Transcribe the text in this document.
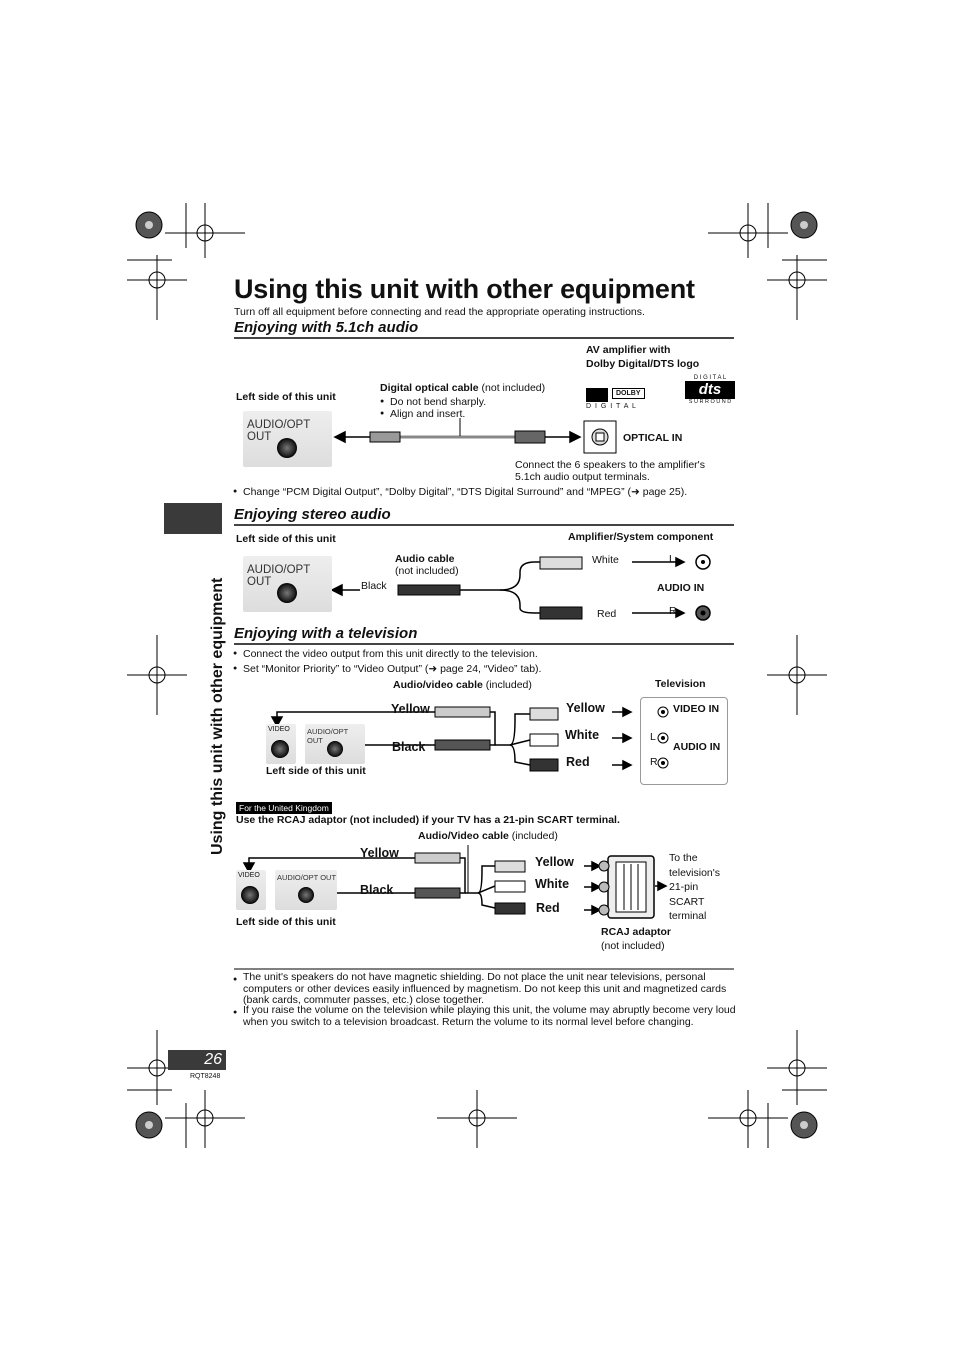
Using this unit with other equipment
Turn off all equipment before connecting and read the appropriate operating instructions.
Using this unit with other equipment
Enjoying with 5.1ch audio
AV amplifier with
Dolby Digital/DTS logo
Left side of this unit
Digital optical cable (not included)
● Do not bend sharply.
● Align and insert.
AUDIO/OPT OUT
DOLBY
D I G I T A L
D I G I T A L
dts
S U R R O U N D
OPTICAL IN
Connect the 6 speakers to the amplifier's
5.1ch audio output terminals.
● Change “PCM Digital Output”, “Dolby Digital”, “DTS Digital Surround” and “MPEG” (➜ page 25).
Enjoying stereo audio
Left side of this unit	Amplifier/System component
AUDIO/OPT OUT
Audio cable
(not included)
Black
White
Red
L
R
AUDIO IN
Enjoying with a television
● Connect the video output from this unit directly to the television.
● Set “Monitor Priority” to “Video Output” (➜ page 24, “Video” tab).
Audio/video cable (included)	Television
Yellow
Black
Yellow
White
Red
VIDEO AUDIO/OPT OUT
Left side of this unit
VIDEO IN
L
AUDIO IN
R
For the United Kingdom
Use the RCAJ adaptor (not included) if your TV has a 21-pin SCART terminal.
Audio/Video cable (included)
Yellow
Black
Yellow
White
Red
VIDEO AUDIO/OPT OUT
Left side of this unit
To the
television's
21-pin
SCART
terminal
RCAJ adaptor
(not included)
● The unit's speakers do not have magnetic shielding. Do not place the unit near televisions, personal computers or other devices easily influenced by magnetism. Do not keep this unit and magnetized cards (bank cards, commuter passes, etc.) close together.
● If you raise the volume on the television while playing this unit, the volume may abruptly become very loud when you switch to a television broadcast. Return the volume to its normal level before changing.
26
RQT8248
